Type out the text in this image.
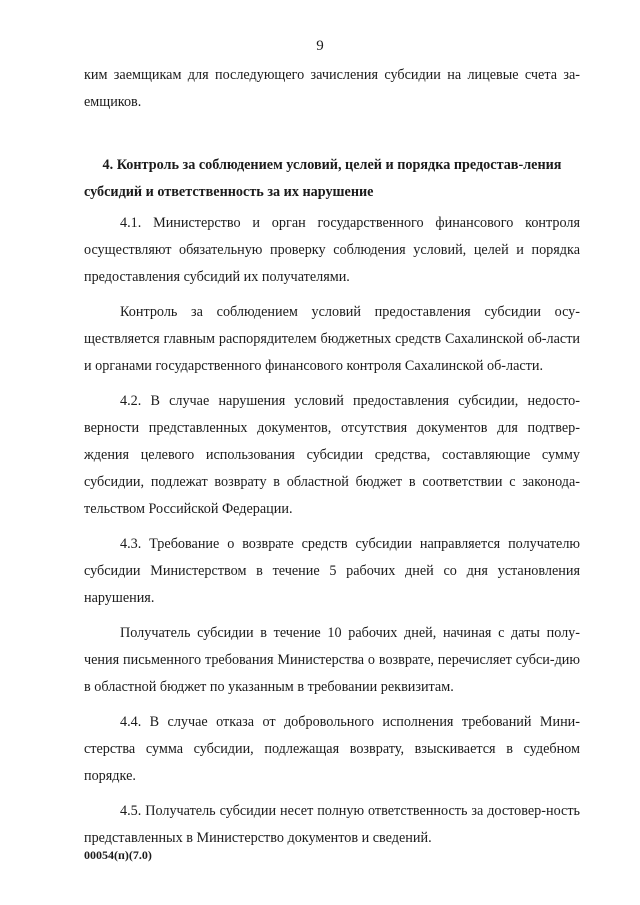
9

ким заемщикам для последующего зачисления субсидии на лицевые счета за-емщиков.

4. Контроль за соблюдением условий, целей и порядка предостав-ления субсидий и ответственность за их нарушение

4.1. Министерство и орган государственного финансового контроля осуществляют обязательную проверку соблюдения условий, целей и порядка предоставления субсидий их получателями.

Контроль за соблюдением условий предоставления субсидии осу-ществляется главным распорядителем бюджетных средств Сахалинской об-ласти и органами государственного финансового контроля Сахалинской об-ласти.

4.2. В случае нарушения условий предоставления субсидии, недосто-верности представленных документов, отсутствия документов для подтвер-ждения целевого использования субсидии средства, составляющие сумму субсидии, подлежат возврату в областной бюджет в соответствии с законода-тельством Российской Федерации.

4.3. Требование о возврате средств субсидии направляется получателю субсидии Министерством в течение 5 рабочих дней со дня установления нарушения.

Получатель субсидии в течение 10 рабочих дней, начиная с даты полу-чения письменного требования Министерства о возврате, перечисляет субси-дию в областной бюджет по указанным в требовании реквизитам.

4.4. В случае отказа от добровольного исполнения требований Мини-стерства сумма субсидии, подлежащая возврату, взыскивается в судебном порядке.

4.5. Получатель субсидии несет полную ответственность за достовер-ность представленных в Министерство документов и сведений.

00054(п)(7.0)
